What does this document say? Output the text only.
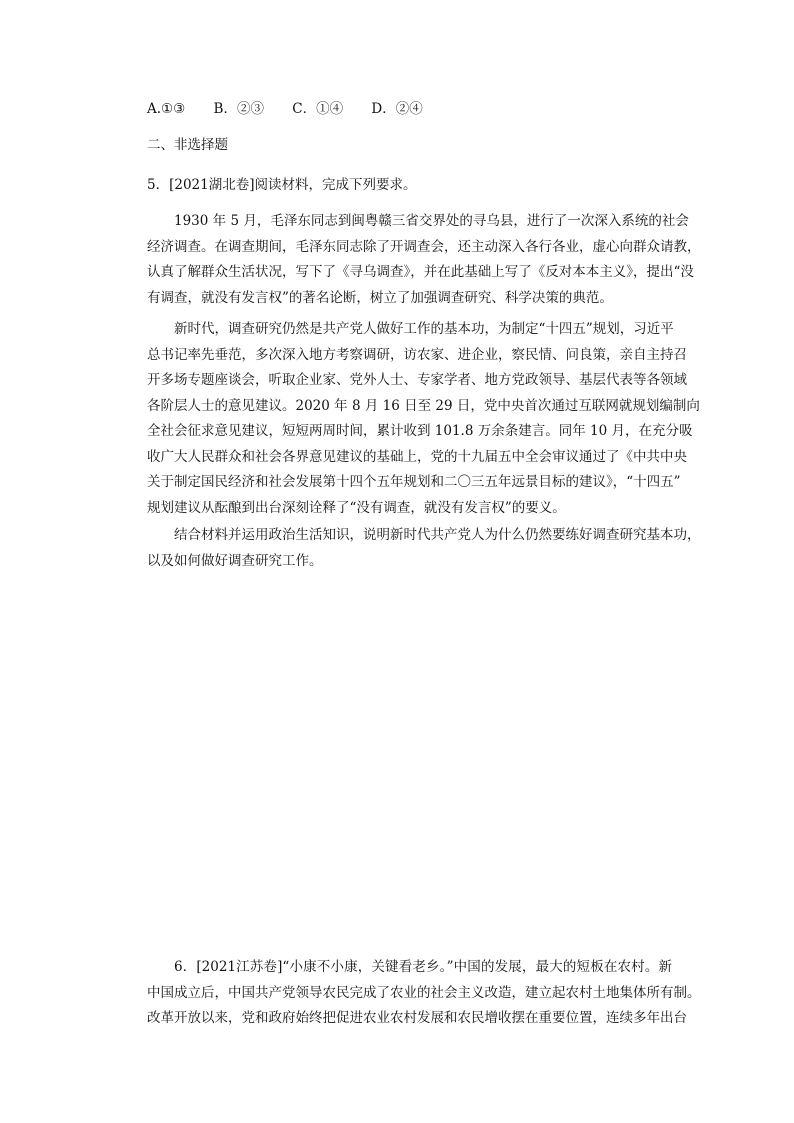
A.①③ B．②③ C．①④ D．②④
二、非选择题
5．[2021湖北卷]阅读材料，完成下列要求。
1930 年 5 月，毛泽东同志到闽粤赣三省交界处的寻乌县，进行了一次深入系统的社会
经济调查。在调查期间，毛泽东同志除了开调查会，还主动深入各行各业，虚心向群众请教，
认真了解群众生活状况，写下了《寻乌调查》，并在此基础上写了《反对本本主义》，提出“没
有调查，就没有发言权”的著名论断，树立了加强调查研究、科学决策的典范。
新时代，调查研究仍然是共产党人做好工作的基本功，为制定“十四五”规划，习近平
总书记率先垂范，多次深入地方考察调研，访农家、进企业，察民情、问良策，亲自主持召
开多场专题座谈会，听取企业家、党外人士、专家学者、地方党政领导、基层代表等各领域
各阶层人士的意见建议。2020 年 8 月 16 日至 29 日，党中央首次通过互联网就规划编制向
全社会征求意见建议，短短两周时间，累计收到 101.8 万余条建言。同年 10 月，在充分吸
收广大人民群众和社会各界意见建议的基础上，党的十九届五中全会审议通过了《中共中央
关于制定国民经济和社会发展第十四个五年规划和二〇三五年远景目标的建议》，“十四五”
规划建议从酝酿到出台深刻诠释了“没有调查，就没有发言权”的要义。
结合材料并运用政治生活知识，说明新时代共产党人为什么仍然要练好调查研究基本功，
以及如何做好调查研究工作。
6．[2021江苏卷]“小康不小康，关键看老乡。”中国的发展，最大的短板在农村。新
中国成立后，中国共产党领导农民完成了农业的社会主义改造，建立起农村土地集体所有制。
改革开放以来，党和政府始终把促进农业农村发展和农民增收摆在重要位置，连续多年出台
